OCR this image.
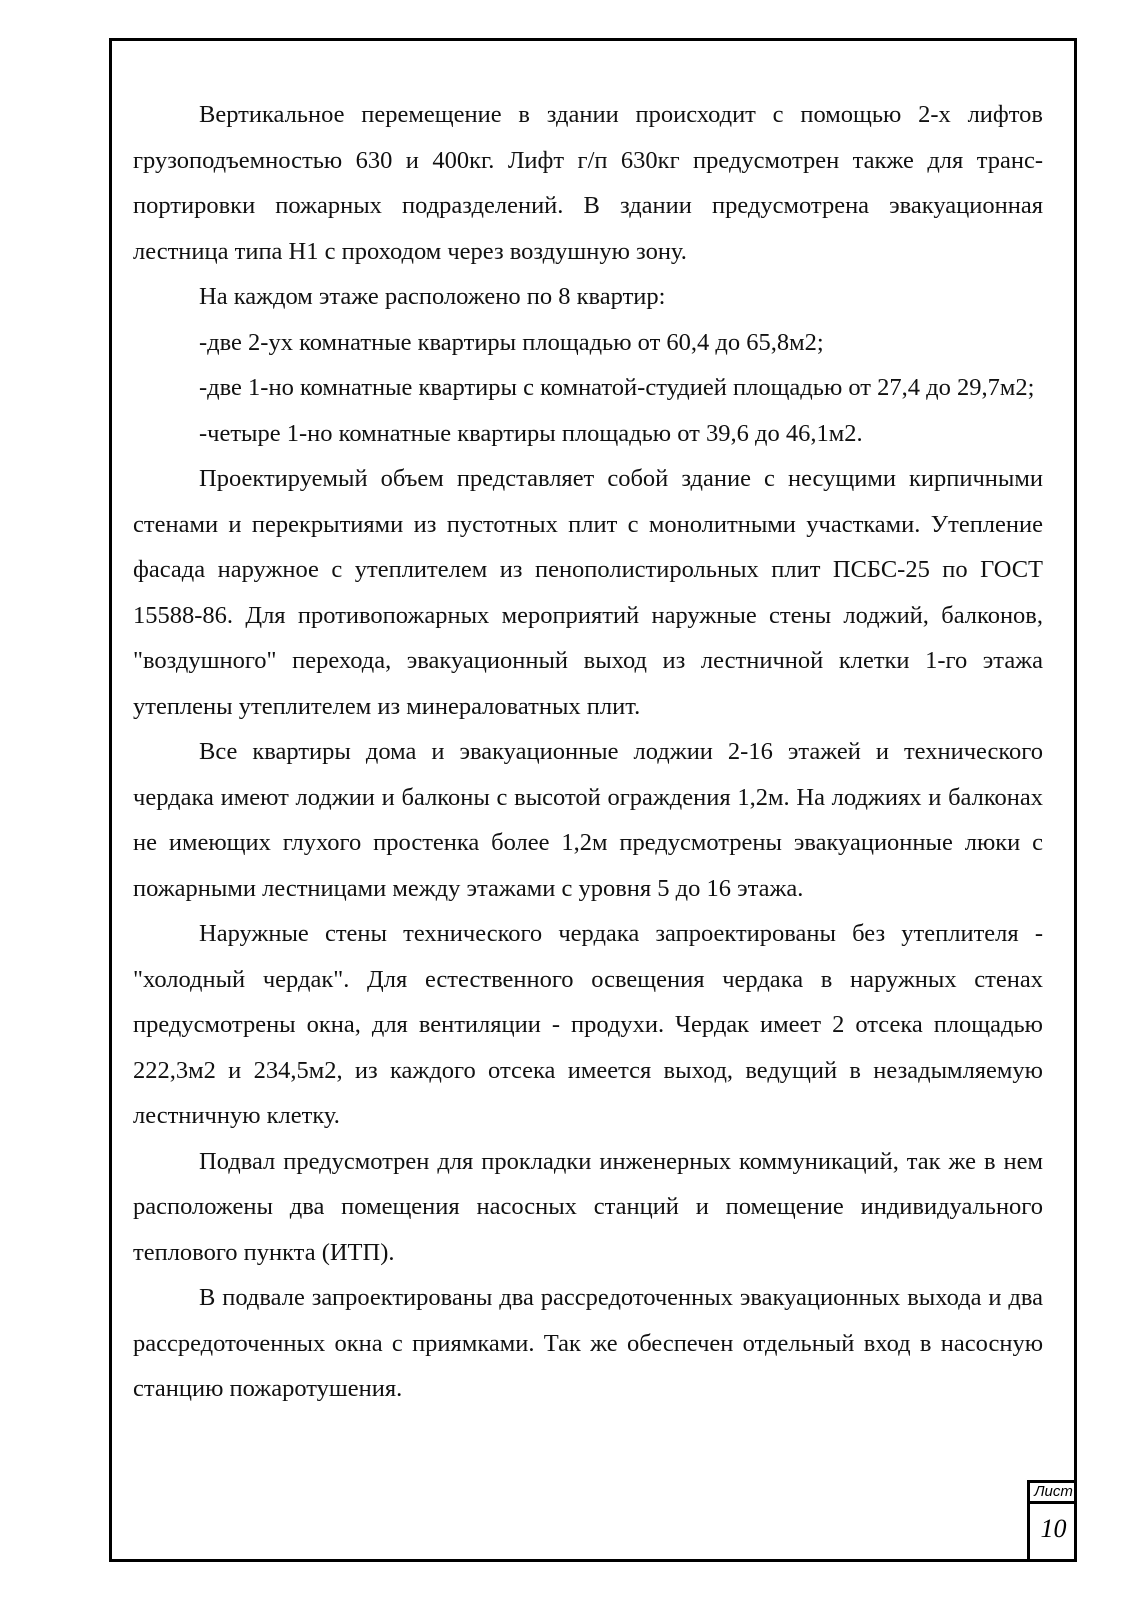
Вертикальное перемещение в здании происходит с помощью 2-х лифтов грузоподъемностью 630 и 400кг. Лифт г/п 630кг предусмотрен также для транспортировки пожарных подразделений. В здании предусмотрена эвакуационная лестница типа Н1 с проходом через воздушную зону.

На каждом этаже расположено по 8 квартир:

-две 2-ух комнатные квартиры площадью от 60,4 до 65,8м2;

-две 1-но комнатные квартиры с комнатой-студией площадью от 27,4 до 29,7м2;

-четыре 1-но комнатные квартиры площадью от 39,6 до 46,1м2.

Проектируемый объем представляет собой здание с несущими кирпичными стенами и перекрытиями из пустотных плит с монолитными участками. Утепление фасада наружное с утеплителем из пенополистирольных плит ПСБС-25 по ГОСТ 15588-86. Для противопожарных мероприятий наружные стены лоджий, балконов, "воздушного" перехода, эвакуационный выход из лестничной клетки 1-го этажа утеплены утеплителем из минераловатных плит.

Все квартиры дома и эвакуационные лоджии 2-16 этажей и технического чердака имеют лоджии и балконы с высотой ограждения 1,2м. На лоджиях и балконах не имеющих глухого простенка более 1,2м предусмотрены эвакуационные люки с пожарными лестницами между этажами с уровня 5 до 16 этажа.

Наружные стены технического чердака запроектированы без утеплителя - "холодный чердак". Для естественного освещения чердака в наружных стенах предусмотрены окна, для вентиляции - продухи. Чердак имеет 2 отсека площадью 222,3м2 и 234,5м2, из каждого отсека имеется выход, ведущий в незадымляемую лестничную клетку.

Подвал предусмотрен для прокладки инженерных коммуникаций, так же в нем расположены два помещения насосных станций и помещение индивидуального теплового пункта (ИТП).

В подвале запроектированы два рассредоточенных эвакуационных выхода и два рассредоточенных окна с приямками. Так же обеспечен отдельный вход в насосную станцию пожаротушения.

Лист
10
